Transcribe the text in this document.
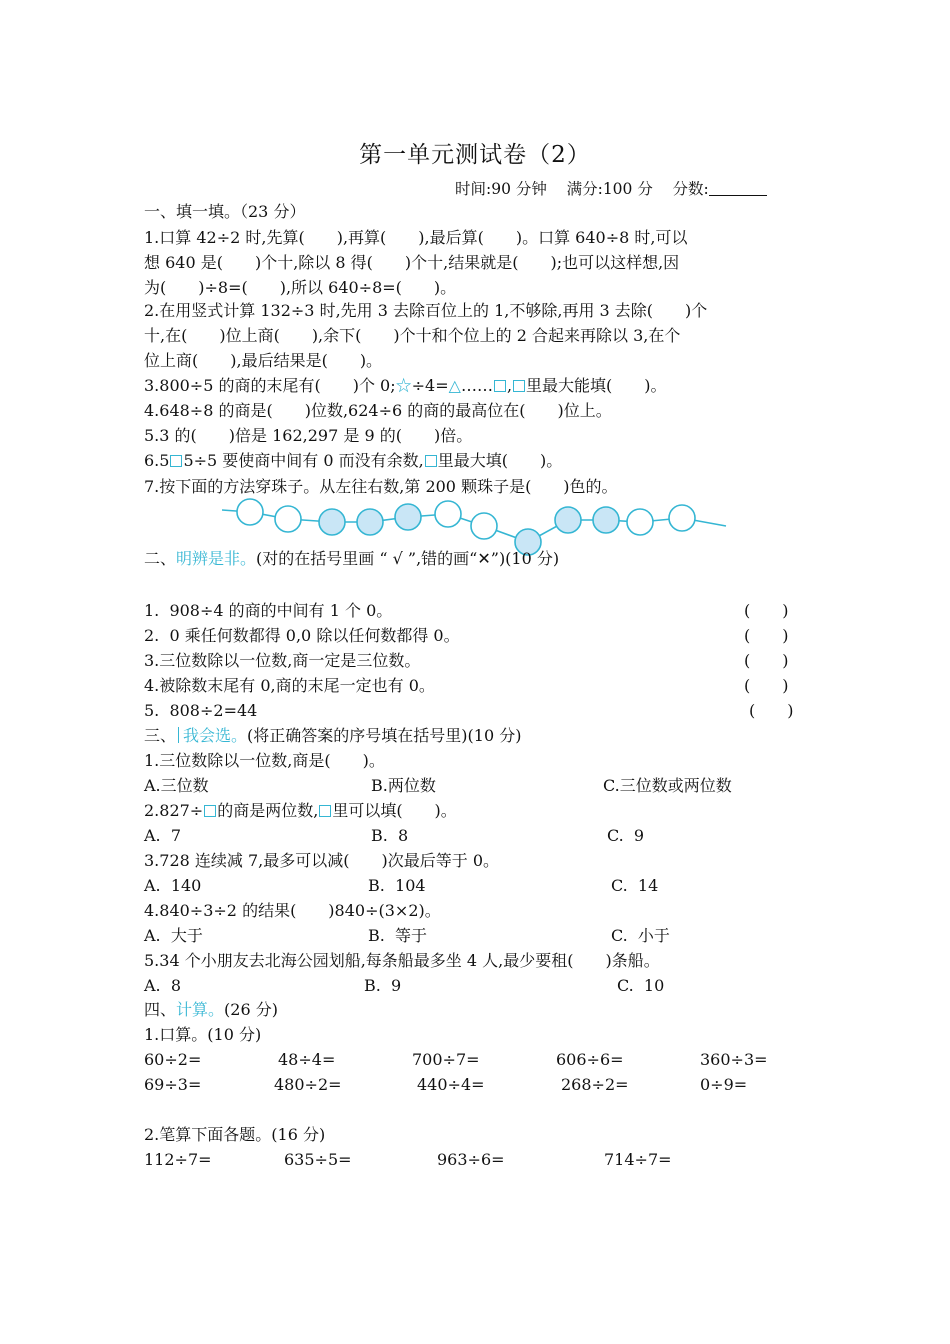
第一单元测试卷（2）
时间:90 分钟 满分:100 分 分数:
一、填一填。（23 分）
1.口算 42÷2 时,先算(　　),再算(　　),最后算(　　)。口算 640÷8 时,可以
想 640 是(　　)个十,除以 8 得(　　)个十,结果就是(　　);也可以这样想,因
为(　　)÷8=(　　),所以 640÷8=(　　)。
2.在用竖式计算 132÷3 时,先用 3 去除百位上的 1,不够除,再用 3 去除(　　)个
十,在(　　)位上商(　　),余下(　　)个十和个位上的 2 合起来再除以 3,在个
位上商(　　),最后结果是(　　)。
3.800÷5 的商的末尾有(　　)个 0;☆÷4=△…… , 里最大能填(　　)。
4.648÷8 的商是(　　)位数,624÷6 的商的最高位在(　　)位上。
5.3 的(　　)倍是 162,297 是 9 的(　　)倍。
6.5 5÷5 要使商中间有 0 而没有余数, 里最大填(　　)。
7.按下面的方法穿珠子。从左往右数,第 200 颗珠子是(　　)色的。
二、明辨是非。(对的在括号里画 “ √ ”,错的画“✕”)(10 分)
1.  908÷4 的商的中间有 1 个 0。	(　　)
2.  0 乘任何数都得 0,0 除以任何数都得 0。	(　　)
3.三位数除以一位数,商一定是三位数。	(　　)
4.被除数末尾有 0,商的末尾一定也有 0。	(　　)
5.  808÷2=44	(　　)
三、 我会选。(将正确答案的序号填在括号里)(10 分)
1.三位数除以一位数,商是(　　)。
A.三位数	B.两位数	C.三位数或两位数
2.827÷ 的商是两位数, 里可以填(　　)。
A.  7	B.  8	C.  9
3.728 连续减 7,最多可以减(　　)次最后等于 0。
A.  140	B.  104	C.  14
4.840÷3÷2 的结果(　　)840÷(3×2)。
A.  大于	B.  等于	C.  小于
5.34 个小朋友去北海公园划船,每条船最多坐 4 人,最少要租(　　)条船。
A.  8	B.  9	C.  10
四、计算。(26 分)
1.口算。(10 分)
60÷2=	48÷4=	700÷7=	606÷6=	360÷3=
69÷3=	480÷2=	440÷4=	268÷2=	0÷9=
2.笔算下面各题。(16 分)
112÷7=	635÷5=	963÷6=	714÷7=
